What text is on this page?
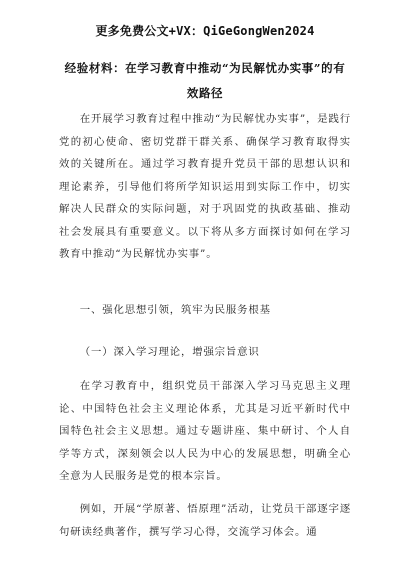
更多免费公文+VX：QiGeGongWen2024
经验材料：在学习教育中推动“为民解忧办实事”的有效路径
在开展学习教育过程中推动“为民解忧办实事”，是践行党的初心使命、密切党群干群关系、确保学习教育取得实效的关键所在。通过学习教育提升党员干部的思想认识和理论素养，引导他们将所学知识运用到实际工作中，切实解决人民群众的实际问题，对于巩固党的执政基础、推动社会发展具有重要意义。以下将从多方面探讨如何在学习教育中推动“为民解忧办实事”。
一、强化思想引领，筑牢为民服务根基
（一）深入学习理论，增强宗旨意识
在学习教育中，组织党员干部深入学习马克思主义理论、中国特色社会主义理论体系，尤其是习近平新时代中国特色社会主义思想。通过专题讲座、集中研讨、个人自学等方式，深刻领会以人民为中心的发展思想，明确全心全意为人民服务是党的根本宗旨。
例如，开展“学原著、悟原理”活动，让党员干部逐字逐句研读经典著作，撰写学习心得，交流学习体会。通
